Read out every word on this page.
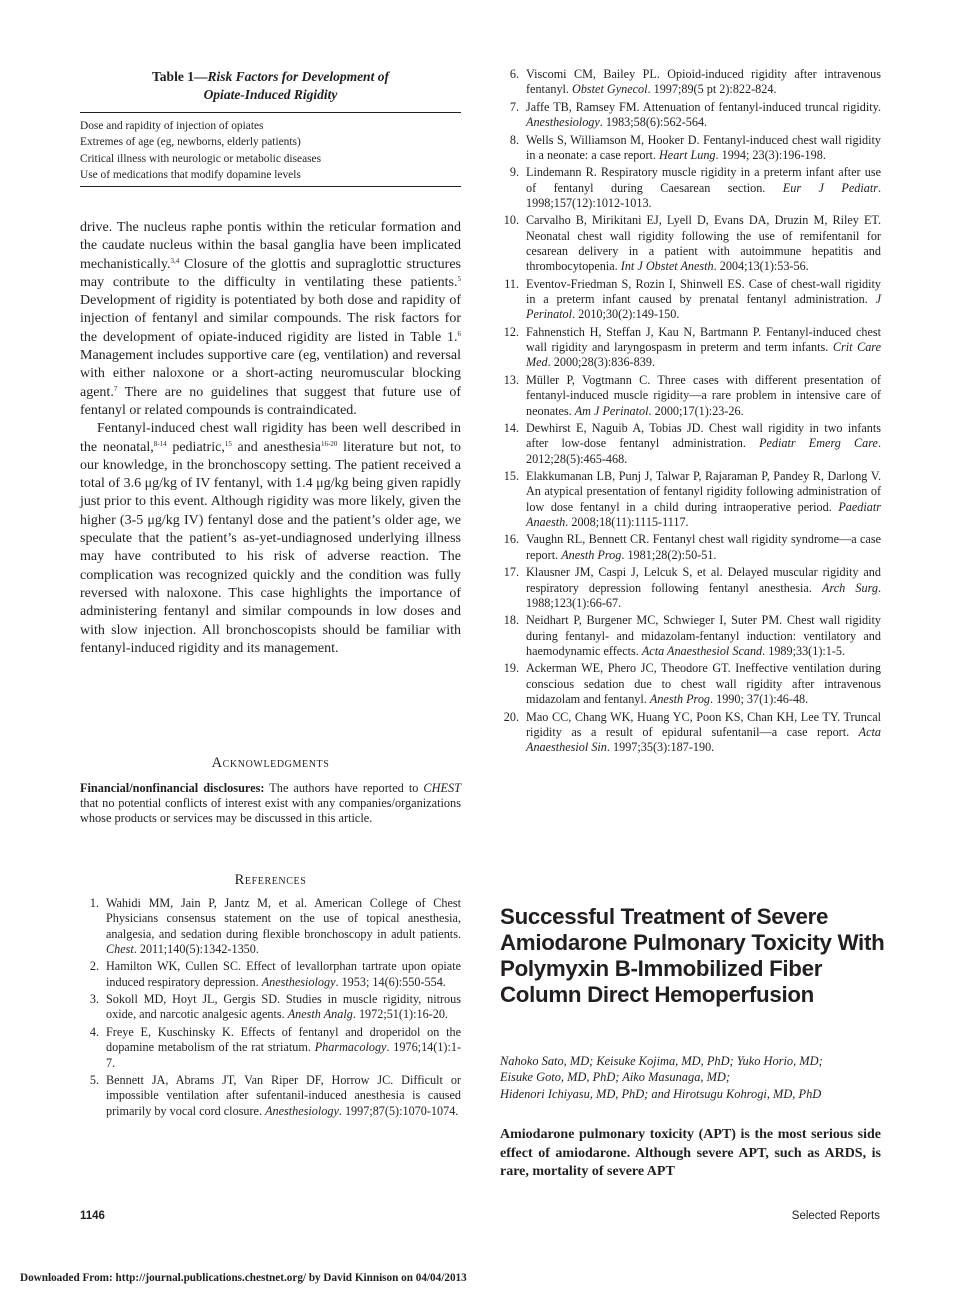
Table 1—Risk Factors for Development of
Opiate-Induced Rigidity
Dose and rapidity of injection of opiates
Extremes of age (eg, newborns, elderly patients)
Critical illness with neurologic or metabolic diseases
Use of medications that modify dopamine levels

drive. The nucleus raphe pontis within the reticular formation and the caudate nucleus within the basal ganglia have been implicated mechanistically.$^{3,4}$ Closure of the glottis and supraglottic structures may contribute to the difficulty in ventilating these patients.$^5$ Development of rigidity is potentiated by both dose and rapidity of injection of fentanyl and similar compounds. The risk factors for the development of opiate-induced rigidity are listed in Table 1.$^6$ Management includes supportive care (eg, ventilation) and reversal with either naloxone or a short-acting neuromuscular blocking agent.$^7$ There are no guidelines that suggest that future use of fentanyl or related compounds is contraindicated.

Fentanyl-induced chest wall rigidity has been well described in the neonatal,$^{8-14}$ pediatric,$^{15}$ and anesthesia$^{16-20}$ literature but not, to our knowledge, in the bronchoscopy setting. The patient received a total of 3.6 μg/kg of IV fentanyl, with 1.4 μg/kg being given rapidly just prior to this event. Although rigidity was more likely, given the higher (3-5 μg/kg IV) fentanyl dose and the patient’s older age, we speculate that the patient’s as-yet-undiagnosed underlying illness may have contributed to his risk of adverse reaction. The complication was recognized quickly and the condition was fully reversed with naloxone. This case highlights the importance of administering fentanyl and similar compounds in low doses and with slow injection. All bronchoscopists should be familiar with fentanyl-induced rigidity and its management.

Acknowledgments
Financial/nonfinancial disclosures: The authors have reported to CHEST that no potential conflicts of interest exist with any companies/organizations whose products or services may be discussed in this article.
References
1. Wahidi MM, Jain P, Jantz M, et al. American College of Chest Physicians consensus statement on the use of topical anesthesia, analgesia, and sedation during flexible bronchoscopy in adult patients. Chest. 2011;140(5):1342-1350.
2. Hamilton WK, Cullen SC. Effect of levallorphan tartrate upon opiate induced respiratory depression. Anesthesiology. 1953; 14(6):550-554.
3. Sokoll MD, Hoyt JL, Gergis SD. Studies in muscle rigidity, nitrous oxide, and narcotic analgesic agents. Anesth Analg. 1972;51(1):16-20.
4. Freye E, Kuschinsky K. Effects of fentanyl and droperidol on the dopamine metabolism of the rat striatum. Pharmacology. 1976;14(1):1-7.
5. Bennett JA, Abrams JT, Van Riper DF, Horrow JC. Difficult or impossible ventilation after sufentanil-induced anesthesia is caused primarily by vocal cord closure. Anesthesiology. 1997;87(5):1070-1074.
6. Viscomi CM, Bailey PL. Opioid-induced rigidity after intravenous fentanyl. Obstet Gynecol. 1997;89(5 pt 2):822-824.
7. Jaffe TB, Ramsey FM. Attenuation of fentanyl-induced truncal rigidity. Anesthesiology. 1983;58(6):562-564.
8. Wells S, Williamson M, Hooker D. Fentanyl-induced chest wall rigidity in a neonate: a case report. Heart Lung. 1994; 23(3):196-198.
9. Lindemann R. Respiratory muscle rigidity in a preterm infant after use of fentanyl during Caesarean section. Eur J Pediatr. 1998;157(12):1012-1013.
10. Carvalho B, Mirikitani EJ, Lyell D, Evans DA, Druzin M, Riley ET. Neonatal chest wall rigidity following the use of remifentanil for cesarean delivery in a patient with autoimmune hepatitis and thrombocytopenia. Int J Obstet Anesth. 2004;13(1):53-56.
11. Eventov-Friedman S, Rozin I, Shinwell ES. Case of chest-wall rigidity in a preterm infant caused by prenatal fentanyl administration. J Perinatol. 2010;30(2):149-150.
12. Fahnenstich H, Steffan J, Kau N, Bartmann P. Fentanyl-induced chest wall rigidity and laryngospasm in preterm and term infants. Crit Care Med. 2000;28(3):836-839.
13. Müller P, Vogtmann C. Three cases with different presentation of fentanyl-induced muscle rigidity—a rare problem in intensive care of neonates. Am J Perinatol. 2000;17(1):23-26.
14. Dewhirst E, Naguib A, Tobias JD. Chest wall rigidity in two infants after low-dose fentanyl administration. Pediatr Emerg Care. 2012;28(5):465-468.
15. Elakkumanan LB, Punj J, Talwar P, Rajaraman P, Pandey R, Darlong V. An atypical presentation of fentanyl rigidity following administration of low dose fentanyl in a child during intraoperative period. Paediatr Anaesth. 2008;18(11):1115-1117.
16. Vaughn RL, Bennett CR. Fentanyl chest wall rigidity syndrome—a case report. Anesth Prog. 1981;28(2):50-51.
17. Klausner JM, Caspi J, Lelcuk S, et al. Delayed muscular rigidity and respiratory depression following fentanyl anesthesia. Arch Surg. 1988;123(1):66-67.
18. Neidhart P, Burgener MC, Schwieger I, Suter PM. Chest wall rigidity during fentanyl- and midazolam-fentanyl induction: ventilatory and haemodynamic effects. Acta Anaesthesiol Scand. 1989;33(1):1-5.
19. Ackerman WE, Phero JC, Theodore GT. Ineffective ventilation during conscious sedation due to chest wall rigidity after intravenous midazolam and fentanyl. Anesth Prog. 1990; 37(1):46-48.
20. Mao CC, Chang WK, Huang YC, Poon KS, Chan KH, Lee TY. Truncal rigidity as a result of epidural sufentanil—a case report. Acta Anaesthesiol Sin. 1997;35(3):187-190.
Successful Treatment of Severe Amiodarone Pulmonary Toxicity With Polymyxin B-Immobilized Fiber Column Direct Hemoperfusion
Nahoko Sato, MD; Keisuke Kojima, MD, PhD; Yuko Horio, MD;
Eisuke Goto, MD, PhD; Aiko Masunaga, MD;
Hidenori Ichiyasu, MD, PhD; and Hirotsugu Kohrogi, MD, PhD
Amiodarone pulmonary toxicity (APT) is the most serious side effect of amiodarone. Although severe APT, such as ARDS, is rare, mortality of severe APT
1146	Selected Reports
Downloaded From: http://journal.publications.chestnet.org/ by David Kinnison on 04/04/2013
